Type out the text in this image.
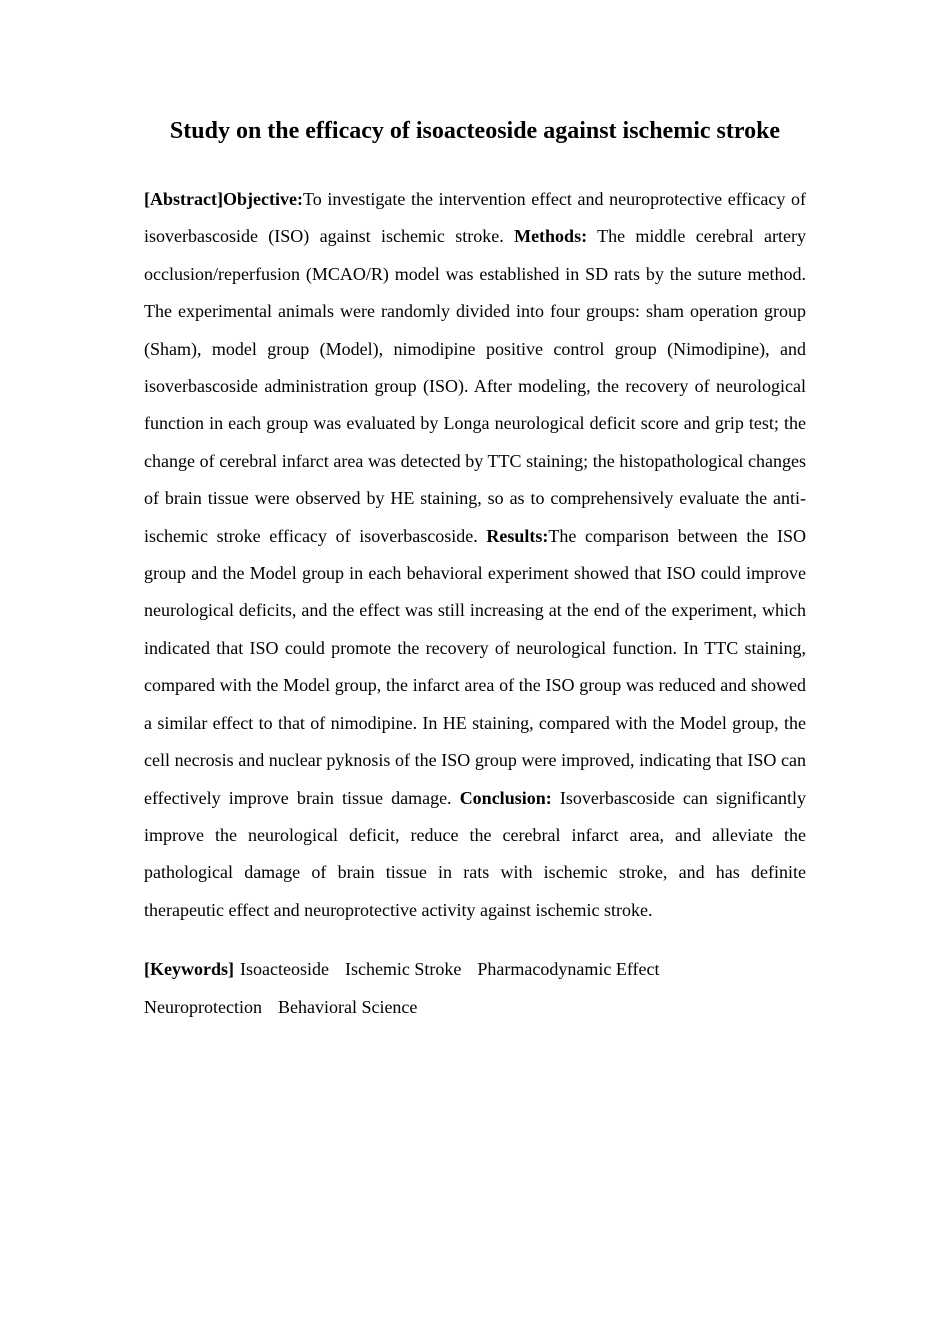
Study on the efficacy of isoacteoside against ischemic stroke

[Abstract]Objective:To investigate the intervention effect and neuroprotective efficacy of isoverbascoside (ISO) against ischemic stroke. Methods: The middle cerebral artery occlusion/reperfusion (MCAO/R) model was established in SD rats by the suture method. The experimental animals were randomly divided into four groups: sham operation group (Sham), model group (Model), nimodipine positive control group (Nimodipine), and isoverbascoside administration group (ISO). After modeling, the recovery of neurological function in each group was evaluated by Longa neurological deficit score and grip test; the change of cerebral infarct area was detected by TTC staining; the histopathological changes of brain tissue were observed by HE staining, so as to comprehensively evaluate the anti-ischemic stroke efficacy of isoverbascoside. Results:The comparison between the ISO group and the Model group in each behavioral experiment showed that ISO could improve neurological deficits, and the effect was still increasing at the end of the experiment, which indicated that ISO could promote the recovery of neurological function. In TTC staining, compared with the Model group, the infarct area of the ISO group was reduced and showed a similar effect to that of nimodipine. In HE staining, compared with the Model group, the cell necrosis and nuclear pyknosis of the ISO group were improved, indicating that ISO can effectively improve brain tissue damage. Conclusion: Isoverbascoside can significantly improve the neurological deficit, reduce the cerebral infarct area, and alleviate the pathological damage of brain tissue in rats with ischemic stroke, and has definite therapeutic effect and neuroprotective activity against ischemic stroke.

[Keywords] Isoacteoside Ischemic Stroke Pharmacodynamic EffectNeuroprotection Behavioral Science
